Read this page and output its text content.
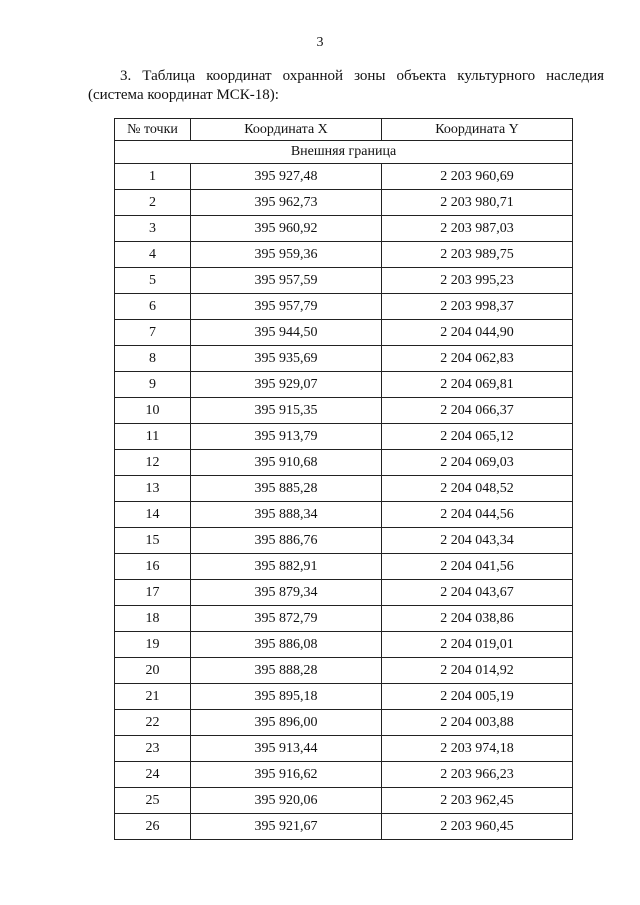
3
3. Таблица координат охранной зоны объекта культурного наследия
(система координат МСК-18):
№ точки	Координата X	Координата Y
Внешняя граница		
1	395 927,48	2 203 960,69
2	395 962,73	2 203 980,71
3	395 960,92	2 203 987,03
4	395 959,36	2 203 989,75
5	395 957,59	2 203 995,23
6	395 957,79	2 203 998,37
7	395 944,50	2 204 044,90
8	395 935,69	2 204 062,83
9	395 929,07	2 204 069,81
10	395 915,35	2 204 066,37
11	395 913,79	2 204 065,12
12	395 910,68	2 204 069,03
13	395 885,28	2 204 048,52
14	395 888,34	2 204 044,56
15	395 886,76	2 204 043,34
16	395 882,91	2 204 041,56
17	395 879,34	2 204 043,67
18	395 872,79	2 204 038,86
19	395 886,08	2 204 019,01
20	395 888,28	2 204 014,92
21	395 895,18	2 204 005,19
22	395 896,00	2 204 003,88
23	395 913,44	2 203 974,18
24	395 916,62	2 203 966,23
25	395 920,06	2 203 962,45
26	395 921,67	2 203 960,45
